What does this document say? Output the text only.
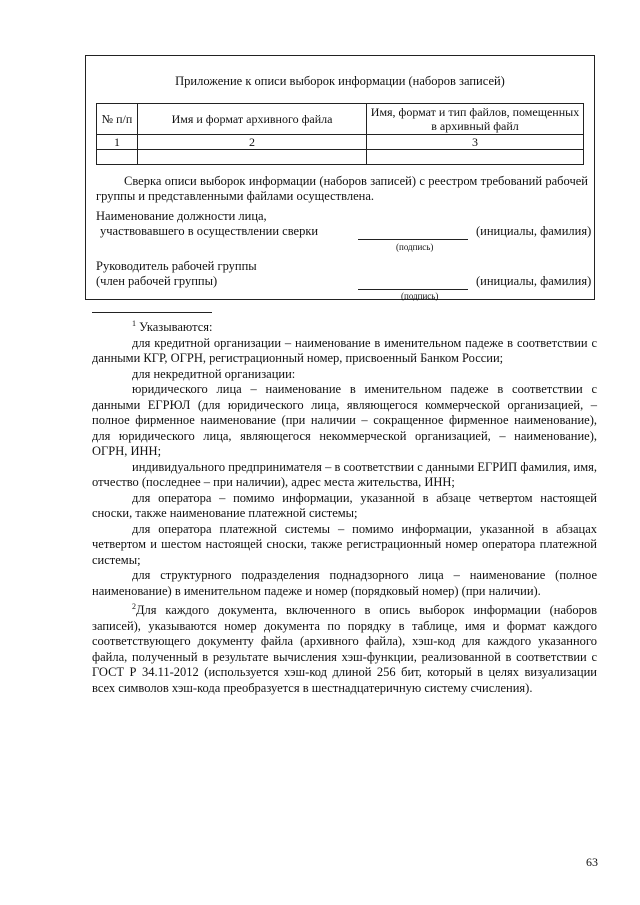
Приложение к описи выборок информации (наборов записей)
№ п/п	Имя и формат архивного файла	Имя, формат и тип файлов, помещенных в архивный файл
1	2	3

Сверка описи выборок информации (наборов записей) с реестром требований рабочей группы и представленными файлами осуществлена.
Наименование должности лица,
участвовавшего в осуществлении сверки	(инициалы, фамилия)
(подпись)
Руководитель рабочей группы
(член рабочей группы)	(инициалы, фамилия)
(подпись)

$^1$ Указываются:

для кредитной организации – наименование в именительном падеже в соответствии с данными КГР, ОГРН, регистрационный номер, присвоенный Банком России;

для некредитной организации:

юридического лица – наименование в именительном падеже в соответствии с данными ЕГРЮЛ (для юридического лица, являющегося коммерческой организацией, – полное фирменное наименование (при наличии – сокращенное фирменное наименование), для юридического лица, являющегося некоммерческой организацией, – наименование), ОГРН, ИНН;

индивидуального предпринимателя – в соответствии с данными ЕГРИП фамилия, имя, отчество (последнее – при наличии), адрес места жительства, ИНН;

для оператора – помимо информации, указанной в абзаце четвертом настоящей сноски, также наименование платежной системы;

для оператора платежной системы – помимо информации, указанной в абзацах четвертом и шестом настоящей сноски, также регистрационный номер оператора платежной системы;

для структурного подразделения поднадзорного лица – наименование (полное наименование) в именительном падеже и номер (порядковый номер) (при наличии).

$^2$Для каждого документа, включенного в опись выборок информации (наборов записей), указываются номер документа по порядку в таблице, имя и формат каждого соответствующего документу файла (архивного файла), хэш-код для каждого указанного файла, полученный в результате вычисления хэш-функции, реализованной в соответствии с ГОСТ Р 34.11-2012 (используется хэш-код длиной 256 бит, который в целях визуализации всех символов хэш-кода преобразуется в шестнадцатеричную систему счисления).

63
